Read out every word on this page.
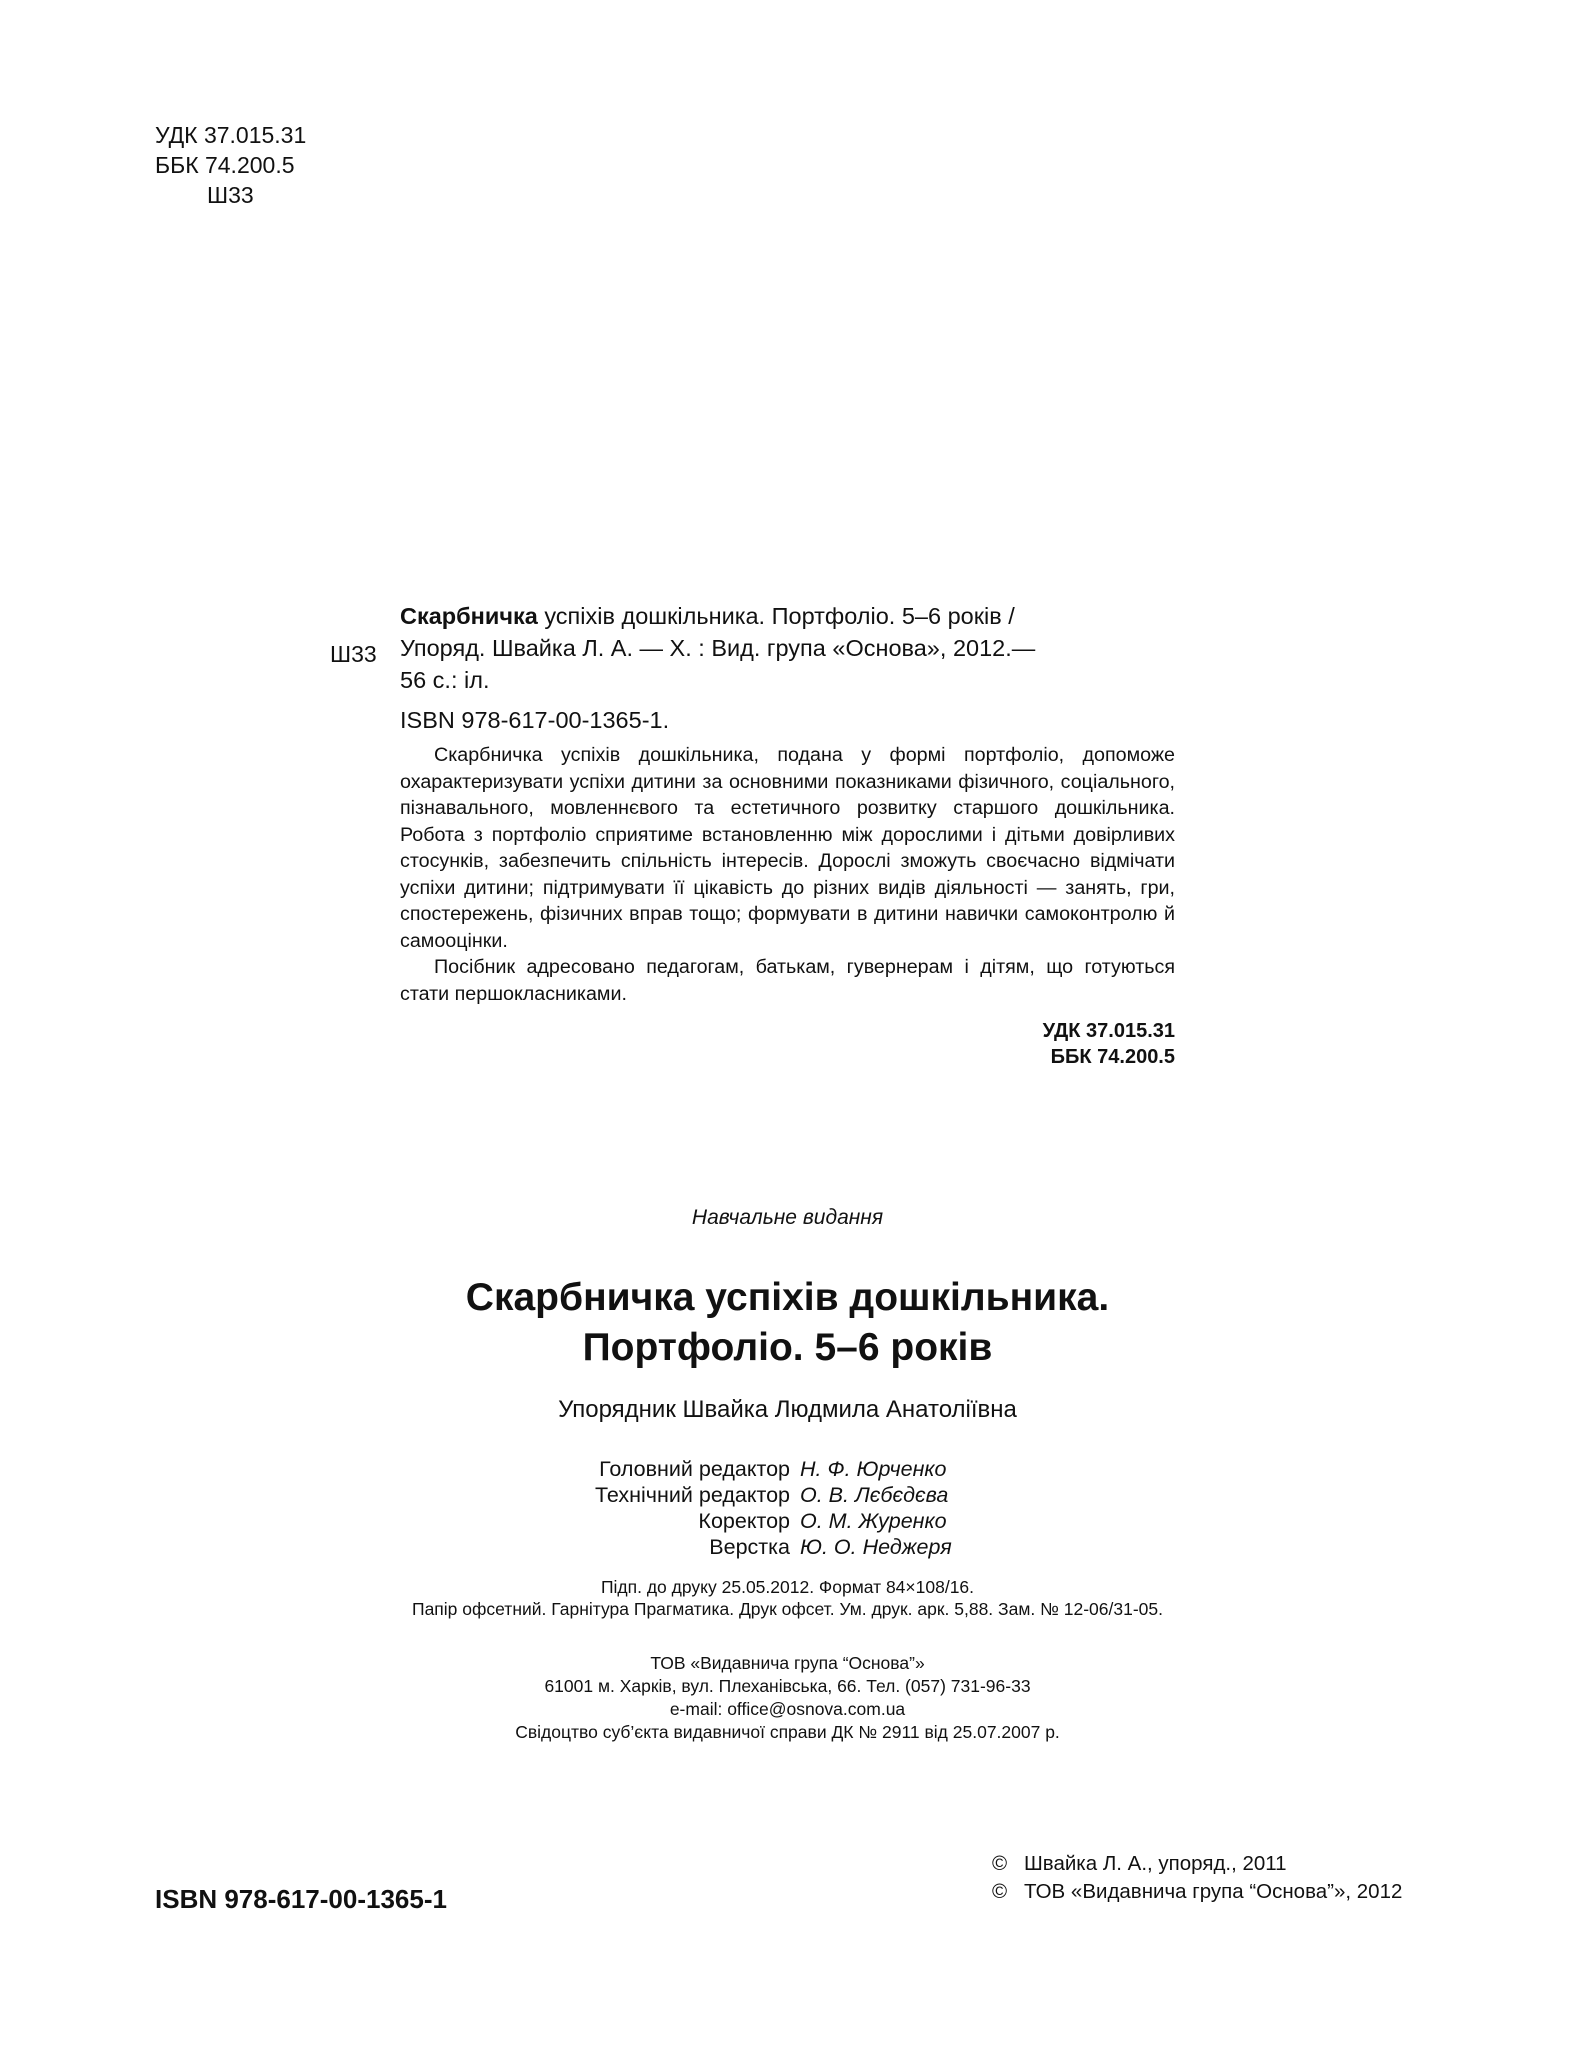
УДК 37.015.31
ББК 74.200.5
Ш33
Ш33
Скарбничка успіхів дошкільника. Портфоліо. 5–6 років /
Упоряд. Швайка Л. А. — Х. : Вид. група «Основа», 2012.—
56 с.: іл.
ISBN 978-617-00-1365-1.

Скарбничка успіхів дошкільника, подана у формі портфоліо, допоможе охарактеризувати успіхи дитини за основними показниками фізичного, соціального, пізнавального, мовленнєвого та естетичного розвитку старшого дошкільника. Робота з портфоліо сприятиме встановленню між дорослими і дітьми довірливих стосунків, забезпечить спільність інтересів. Дорослі зможуть своєчасно відмічати успіхи дитини; підтримувати її цікавість до різних видів діяльності — занять, гри, спостережень, фізичних вправ тощо; формувати в дитини навички самоконтролю й самооцінки.

Посібник адресовано педагогам, батькам, гувернерам і дітям, що готуються стати першокласниками.

УДК 37.015.31
ББК 74.200.5
Навчальне видання
Скарбничка успіхів дошкільника.
Портфоліо. 5–6 років
Упорядник Швайка Людмила Анатоліївна
Головний редактор Н. Ф. Юрченко
Технічний редактор О. В. Лєбєдєва
Коректор О. М. Журенко
Верстка Ю. О. Неджеря
Підп. до друку 25.05.2012. Формат 84×108/16.
Папір офсетний. Гарнітура Прагматика. Друк офсет. Ум. друк. арк. 5,88. Зам. № 12-06/31-05.
ТОВ «Видавнича група “Основа”»
61001 м. Харків, вул. Плеханівська, 66. Тел. (057) 731-96-33
e-mail: office@osnova.com.ua
Свідоцтво суб’єкта видавничої справи ДК № 2911 від 25.07.2007 р.
ISBN 978-617-00-1365-1
© Швайка Л. А., упоряд., 2011
© ТОВ «Видавнича група “Основа”», 2012
